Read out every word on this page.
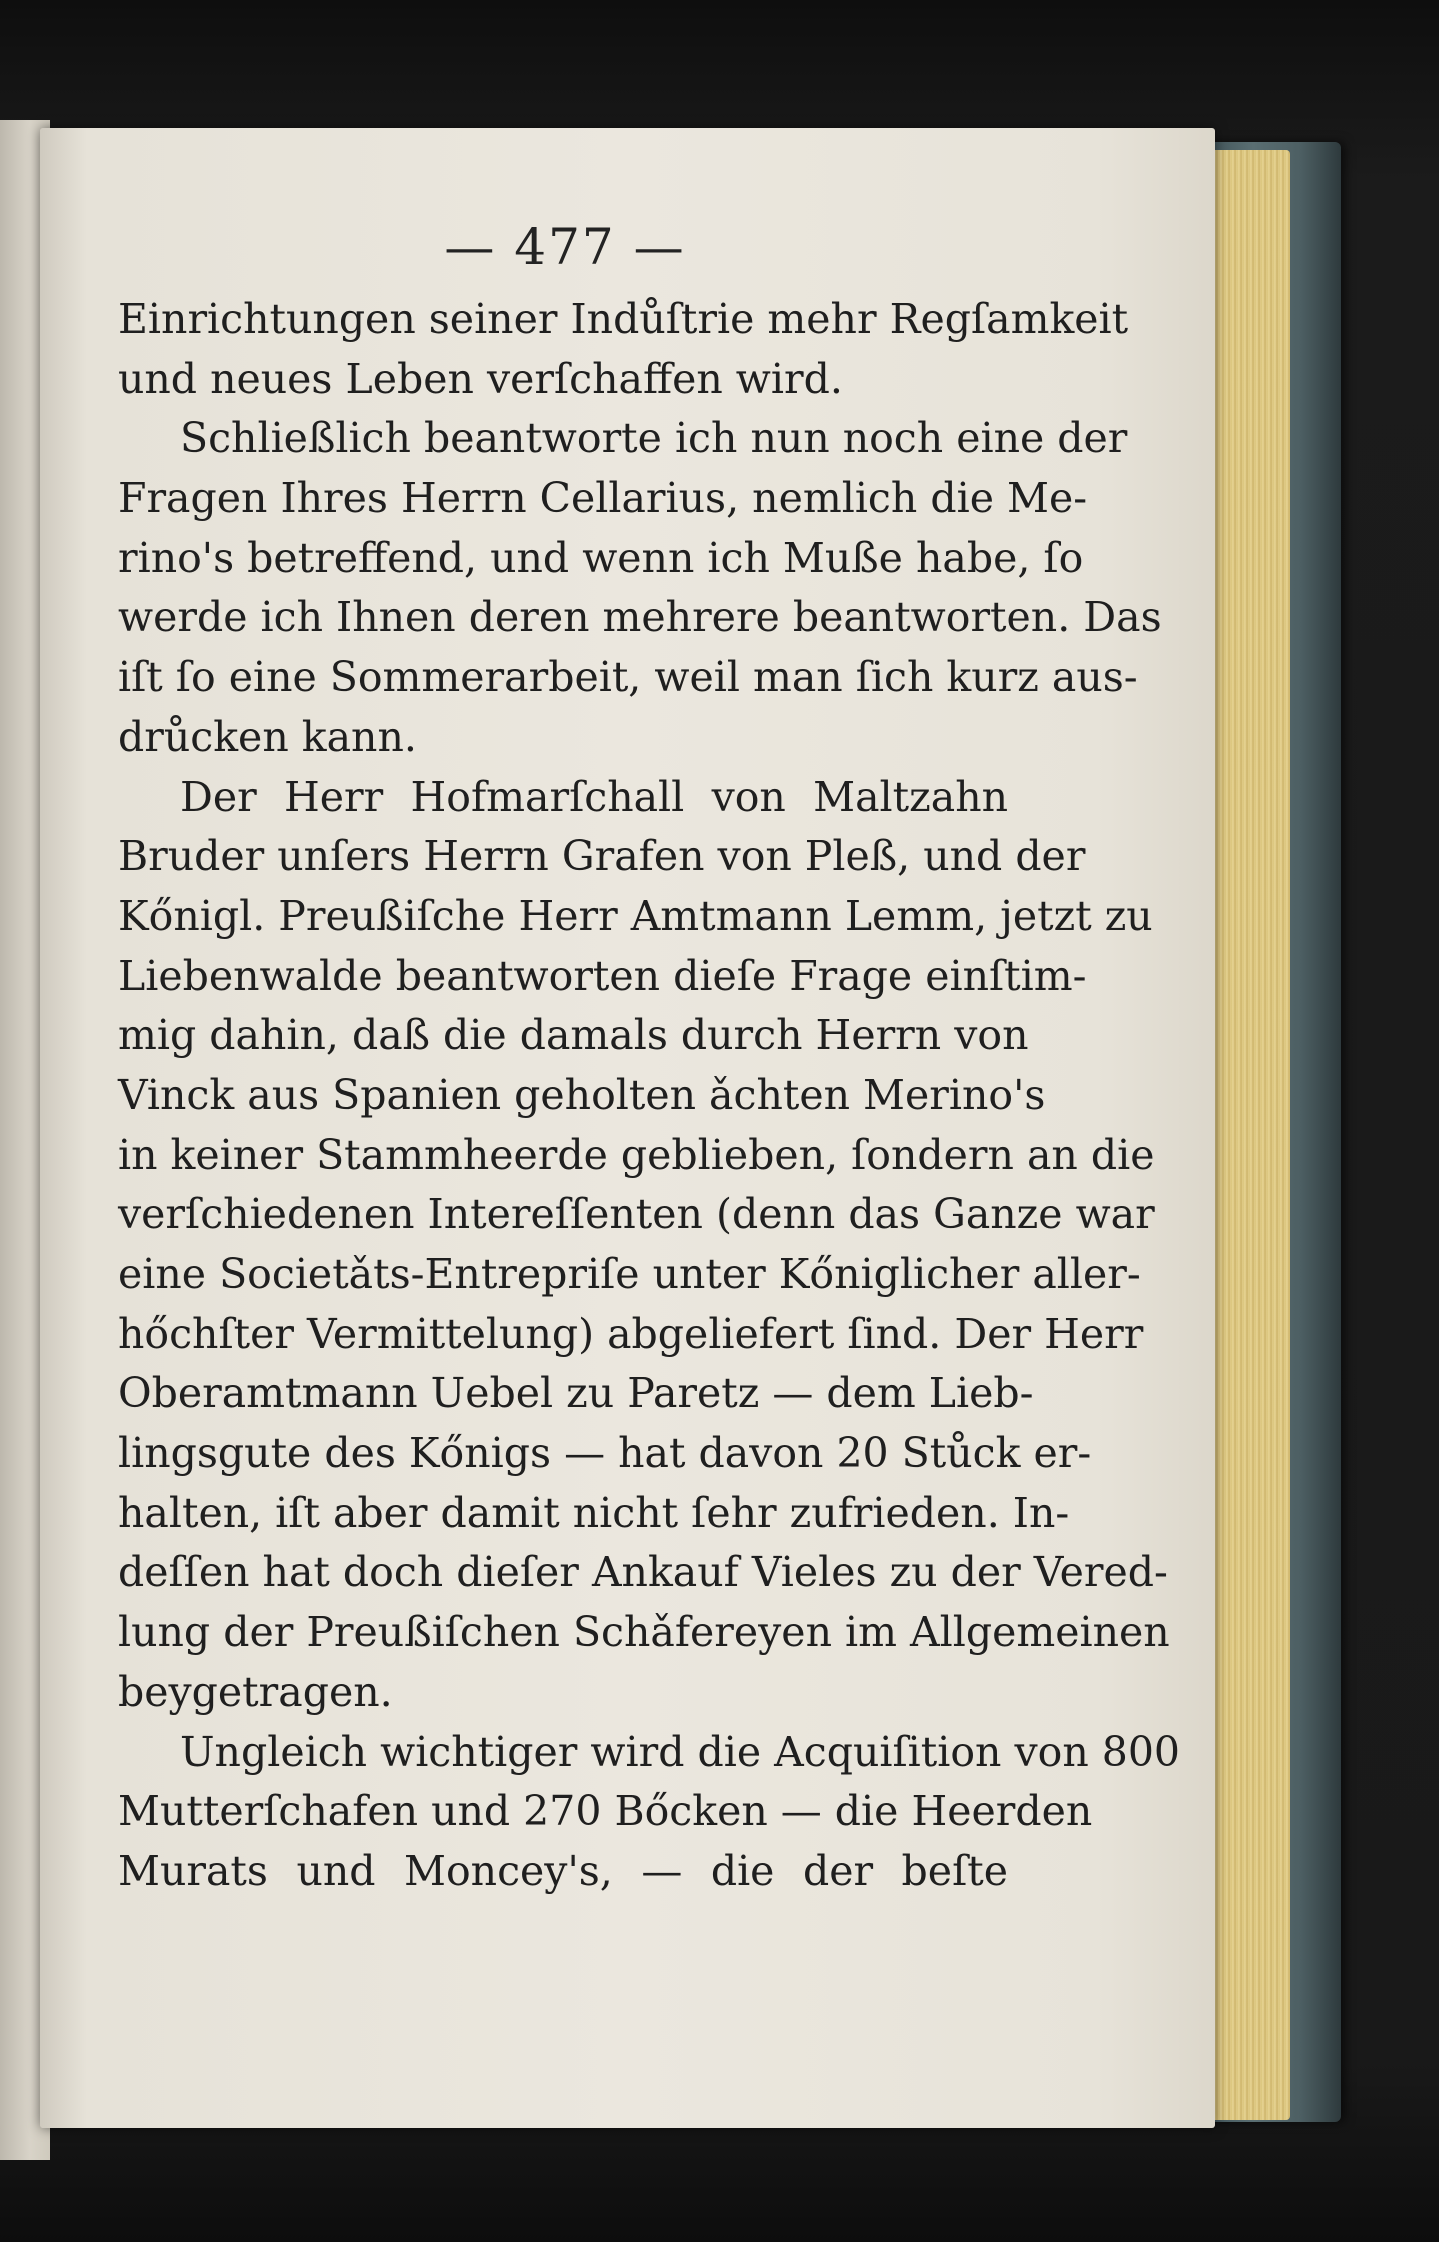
— 477 —
Einrichtungen seiner Indůſtrie mehr Regſamkeit
und neues Leben verſchaffen wird.
Schließlich beantworte ich nun noch eine der
Fragen Ihres Herrn Cellarius, nemlich die Me-
rino's betreffend, und wenn ich Muße habe, ſo
werde ich Ihnen deren mehrere beantworten. Das
iſt ſo eine Sommerarbeit, weil man ſich kurz aus-
drůcken kann.
Der Herr Hofmarſchall von Maltzahn
Bruder unſers Herrn Grafen von Pleß, und der
Kőnigl. Preußiſche Herr Amtmann Lemm, jetzt zu
Liebenwalde beantworten dieſe Frage einſtim-
mig dahin, daß die damals durch Herrn von
Vinck aus Spanien geholten ǎchten Merino's
in keiner Stammheerde geblieben, ſondern an die
verſchiedenen Intereſſenten (denn das Ganze war
eine Societǎts-Entrepriſe unter Kőniglicher aller-
hőchſter Vermittelung) abgeliefert ſind. Der Herr
Oberamtmann Uebel zu Paretz — dem Lieb-
lingsgute des Kőnigs — hat davon 20 Stůck er-
halten, iſt aber damit nicht ſehr zufrieden. In-
deſſen hat doch dieſer Ankauf Vieles zu der Vered-
lung der Preußiſchen Schǎfereyen im Allgemeinen
beygetragen.
Ungleich wichtiger wird die Acquiſition von 800
Mutterſchafen und 270 Bőcken — die Heerden
Murats und Moncey's, — die der beſte
